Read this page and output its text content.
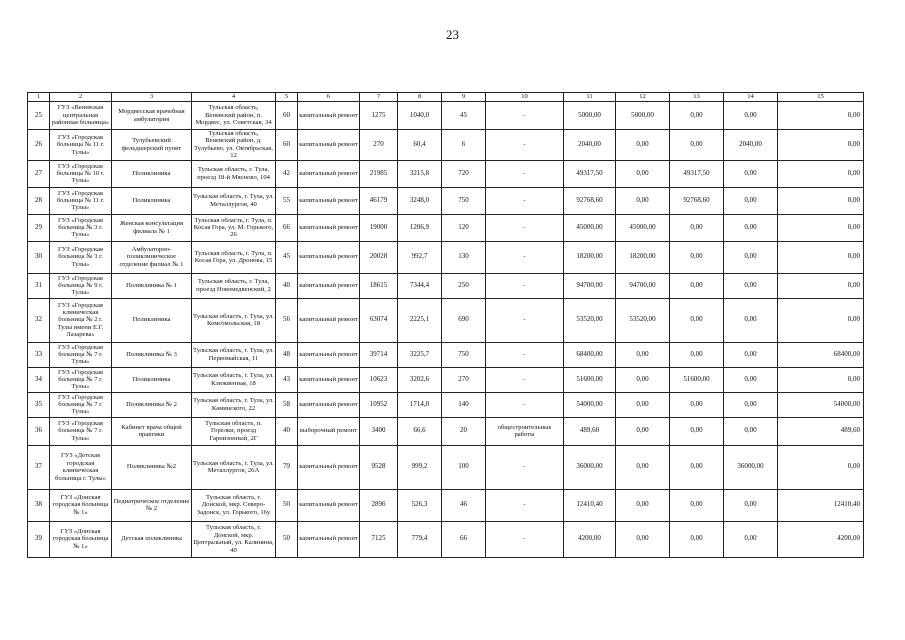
23
1	2	3	4	5	6	7	8	9	10	11	12	13	14	15
25	ГУЗ «Веневская центральная районная больница»	Мордвесская врачебная амбулатория	Тульская область, Веневский район, п. Мордвес, ул. Советская, 34	60	капитальный ремонт	1275	1040,0	45	-	5000,00	5000,00	0,00	0,00	0,00
26	ГУЗ «Городская больница № 11 г. Тулы»	Тулубьевский фельдшерский пункт	Тульская область, Веневский район, д. Тулубьево, ул. Октябрьская, 12	60	капитальный ремонт	270	60,4	6	-	2040,00	0,00	0,00	2040,00	0,00
27	ГУЗ «Городская больница № 10 г. Тулы»	Поликлиника	Тульская область, г. Тула, проезд 18-й Мясново, 104	42	капитальный ремонт	21985	3215,8	720	-	49317,50	0,00	49317,50	0,00	0,00
28	ГУЗ «Городская больница № 11 г. Тулы»	Поликлиника	Тульская область, г. Тула, ул. Металлургов, 40	55	капитальный ремонт	46179	3248,0	750	-	92768,60	0,00	92768,60	0,00	0,00
29	ГУЗ «Городская больница № 3 г. Тулы»	Женская консультация филиала № 1	Тульская область, г. Тула, п. Косая Гора, ул. М. Горького, 26	66	капитальный ремонт	19000	1206,9	120	-	45000,00	45000,00	0,00	0,00	0,00
30	ГУЗ «Городская больница № 3 г. Тулы»	Амбулаторно-поликлиническое отделение филиал № 1	Тульская область, г. Тула, п. Косая Гора, ул. Дронова, 15	45	капитальный ремонт	20028	992,7	130	-	18200,00	18200,00	0,00	0,00	0,00
31	ГУЗ «Городская больница № 9 г. Тулы»	Поликлиника № 1	Тульская область, г. Тула, проезд Новомедвенский, 2	40	капитальный ремонт	18615	7344,4	250	-	94700,00	94700,00	0,00	0,00	0,00
32	ГУЗ «Городская клиническая больница № 2 г. Тулы имени Е.Г. Лазарева»	Поликлиника	Тульская область, г. Тула, ул. Комсомольская, 18	56	капитальный ремонт	63074	2225,1	690	-	53520,00	53520,00	0,00	0,00	0,00
33	ГУЗ «Городская больница № 7 г. Тулы»	Поликлиника № 3	Тульская область, г. Тула, ул. Первомайская, 11	48	капитальный ремонт	39714	3225,7	750	-	68400,00	0,00	0,00	0,00	68400,00
34	ГУЗ «Городская больница № 7 г. Тулы»	Поликлиника	Тульская область, г. Тула, ул. Клюквенная, 18	43	капитальный ремонт	10623	3202,6	270	-	51600,00	0,00	51600,00	0,00	0,00
35	ГУЗ «Городская больница № 7 г. Тулы»	Поликлиника № 2	Тульская область, г. Тула, ул. Каминского, 22	58	капитальный ремонт	10952	1714,0	140	-	54000,00	0,00	0,00	0,00	54000,00
36	ГУЗ «Городская больница № 7 г. Тулы»	Кабинет врача общей практики	Тульская область, п. Горелки, проезд Гарнизонный, 2Г	40	выборочный ремонт	3400	66,6	20	общестроительные работы	489,60	0,00	0,00	0,00	489,60
37	ГУЗ «Детская городская клиническая больница г. Тулы»	Поликлиника №2	Тульская область, г. Тула, ул. Металлургов, 26А	79	капитальный ремонт	9528	999,2	100	-	36000,00	0,00	0,00	36000,00	0,00
38	ГУЗ «Донская городская больница № 1»	Педиатрическое отделение № 2	Тульская область, г. Донской, мкр. Северо-Задонск, ул. Горького, 16у	50	капитальный ремонт	2896	526,3	46	-	12410,40	0,00	0,00	0,00	12410,40
39	ГУЗ «Донская городская больница № 1»	Детская поликлиника	Тульская область, г. Донской, мкр. Центральный, ул. Калинина, 40	50	капитальный ремонт	7125	779,4	66	-	4200,00	0,00	0,00	0,00	4200,00
